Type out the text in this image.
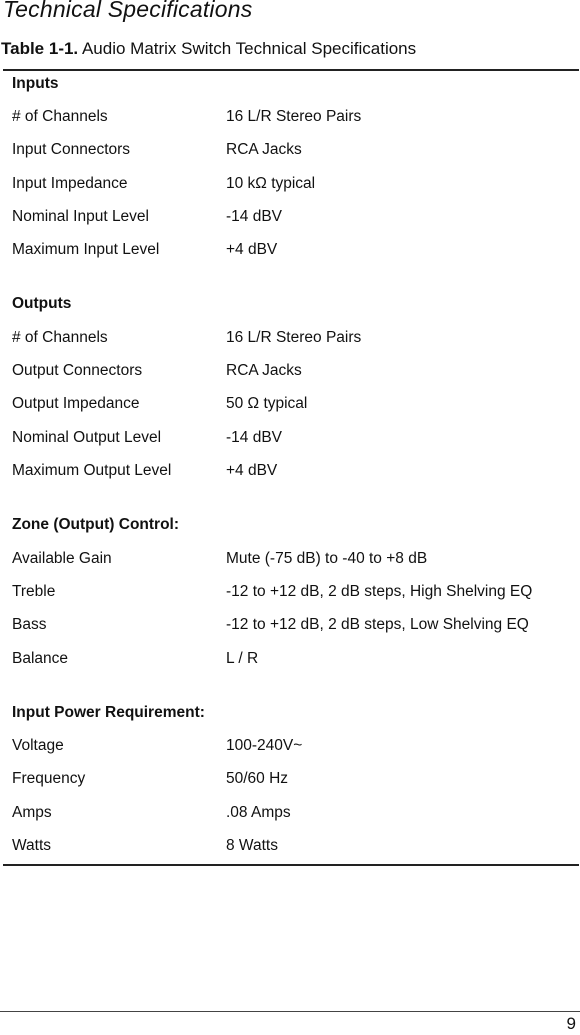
Technical Specifications
Table 1-1. Audio Matrix Switch Technical Specifications
Inputs
# of Channels	16 L/R Stereo Pairs
Input Connectors	RCA Jacks
Input Impedance	10 kΩ typical
Nominal Input Level	-14 dBV
Maximum Input Level	+4 dBV
Outputs
# of Channels	16 L/R Stereo Pairs
Output Connectors	RCA Jacks
Output Impedance	50 Ω typical
Nominal Output Level	-14 dBV
Maximum Output Level	+4 dBV
Zone (Output) Control:
Available Gain	Mute (-75 dB) to -40 to +8 dB
Treble	-12 to +12 dB, 2 dB steps, High Shelving EQ
Bass	-12 to +12 dB, 2 dB steps, Low Shelving EQ
Balance	L / R
Input Power Requirement:
Voltage	100-240V~
Frequency	50/60 Hz
Amps	.08 Amps
Watts	8 Watts
9
